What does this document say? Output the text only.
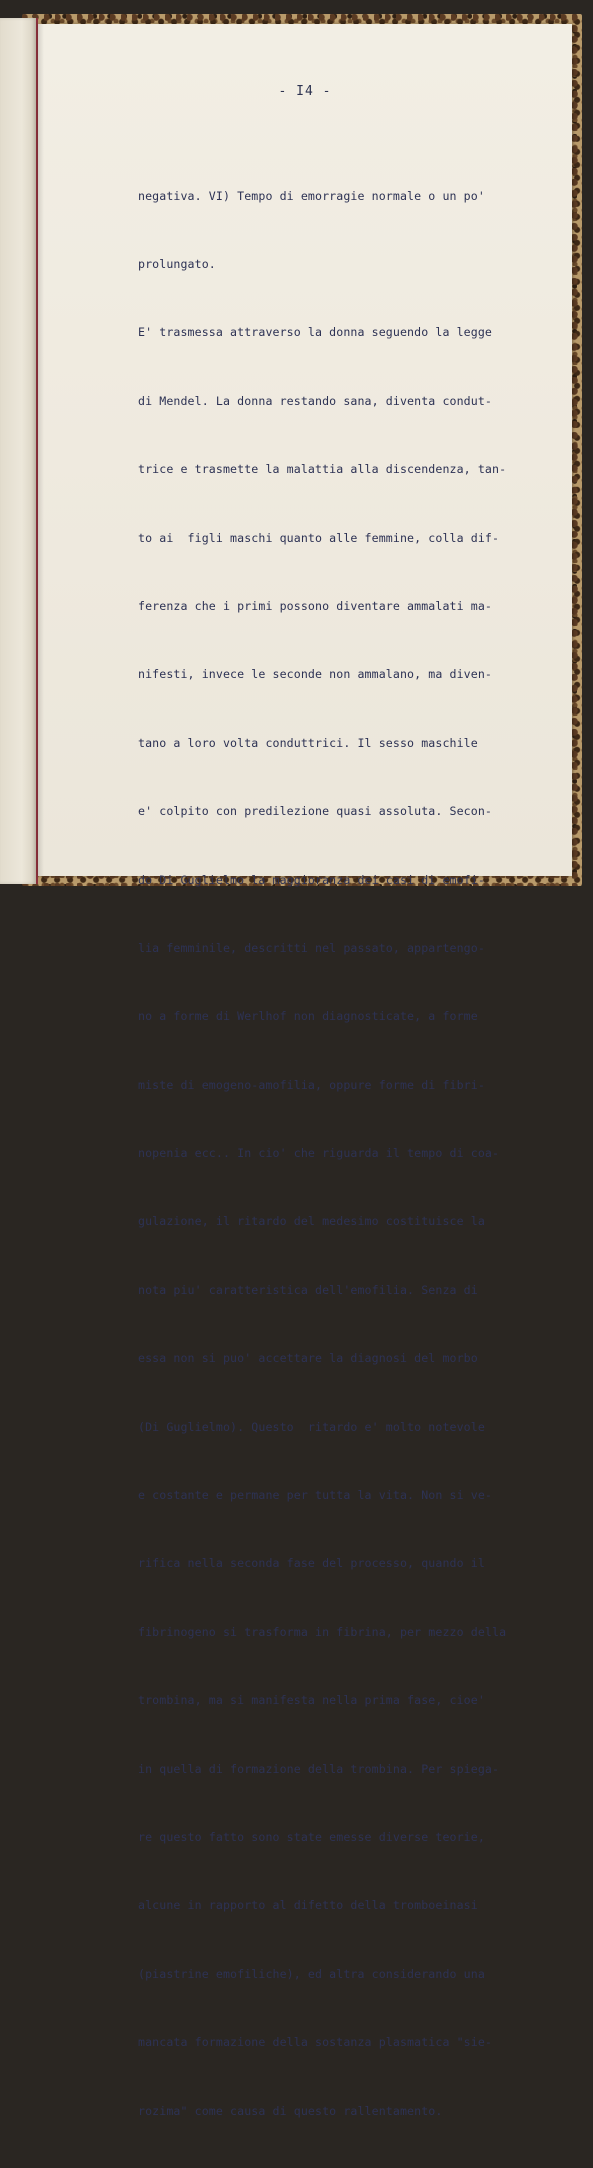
- I4 -

negativa. VI) Tempo di emorragie normale o un po'

prolungato.

E' trasmessa attraverso la donna seguendo la legge

di Mendel. La donna restando sana, diventa condut-

trice e trasmette la malattia alla discendenza, tan-

to ai  figli maschi quanto alle femmine, colla dif-

ferenza che i primi possono diventare ammalati ma-

nifesti, invece le seconde non ammalano, ma diven-

tano a loro volta conduttrici. Il sesso maschile

e' colpito con predilezione quasi assoluta. Secon-

do Di Guglielmo la maggioranza dei casi di emofi-

lia femminile, descritti nel passato, appartengo-

no a forme di Werlhof non diagnosticate, a forme

miste di emogeno-amofilia, oppure forme di fibri-

nopenia ecc.. In cio' che riguarda il tempo di coa-

gulazione, il ritardo del medesimo costituisce la

nota piu' caratteristica dell'emofilia. Senza di

essa non si puo' accettare la diagnosi del morbo

(Di Guglielmo). Questo  ritardo e' molto notevole

e costante e permane per tutta la vita. Non si ve-

rifica nella seconda fase del processo, quando il

fibrinogeno si trasforma in fibrina, per mezzo della

trombina, ma si manifesta nella prima fase, cioe'

in quella di formazione della trombina. Per spiega-

re questo fatto sono state emesse diverse teorie,

alcune in rapporto al difetto della tromboeinasi

(piastrine emofiliche), ed altra considerando una

mancata formazione della sostanza plasmatica "sie-

rozima" come causa di questo rallentamento.
